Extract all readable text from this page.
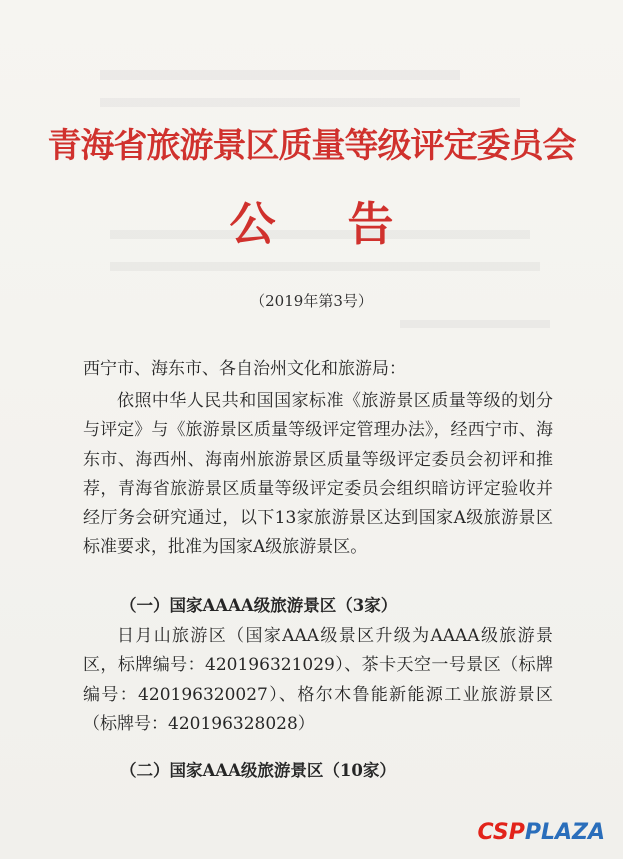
青海省旅游景区质量等级评定委员会
公告
（2019年第3号）
西宁市、海东市、各自治州文化和旅游局：
依照中华人民共和国国家标准《旅游景区质量等级的划分与评定》与《旅游景区质量等级评定管理办法》，经西宁市、海东市、海西州、海南州旅游景区质量等级评定委员会初评和推荐，青海省旅游景区质量等级评定委员会组织暗访评定验收并经厅务会研究通过，以下13家旅游景区达到国家A级旅游景区标准要求，批准为国家A级旅游景区。
（一）国家AAAA级旅游景区（3家）
日月山旅游区（国家AAA级景区升级为AAAA级旅游景区，标牌编号：420196321029）、茶卡天空一号景区（标牌编号：420196320027）、格尔木鲁能新能源工业旅游景区（标牌号：420196328028）
（二）国家AAA级旅游景区（10家）
CSPPLAZA
